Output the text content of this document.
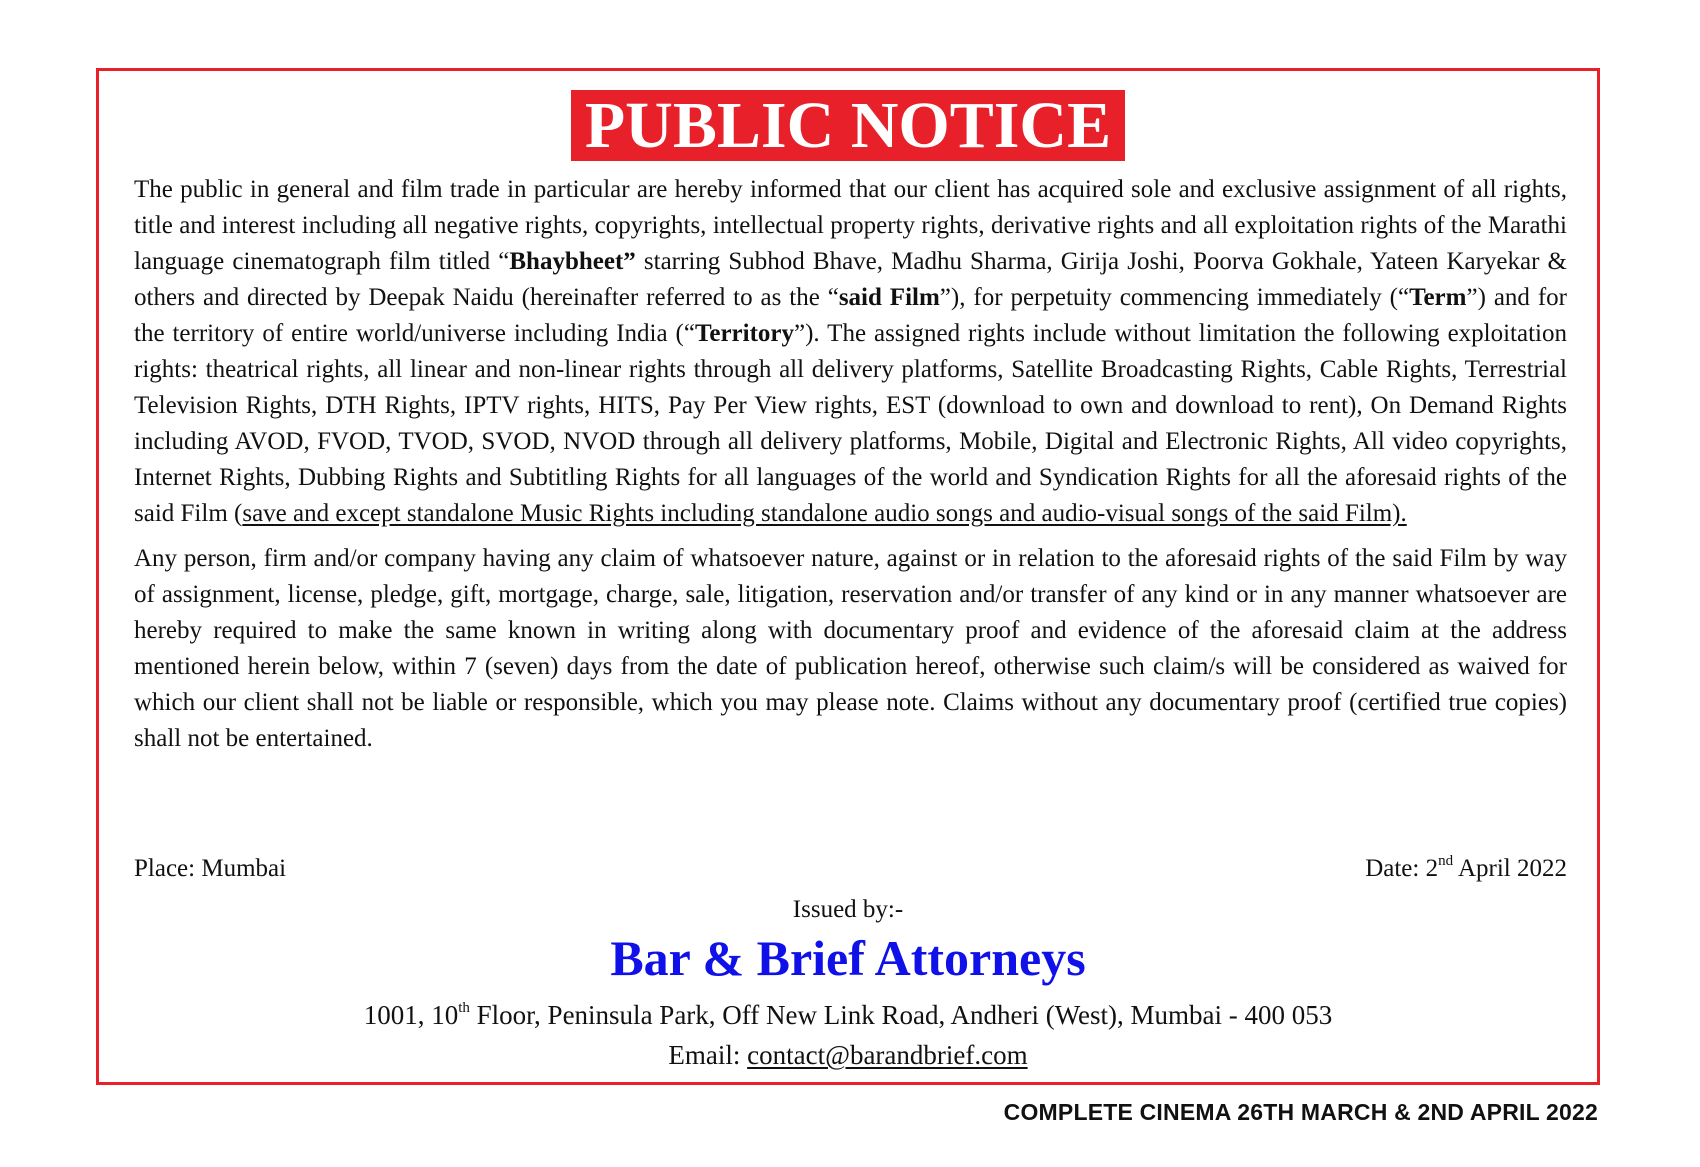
PUBLIC NOTICE

The public in general and film trade in particular are hereby informed that our client has acquired sole and exclusive assignment of all rights, title and interest including all negative rights, copyrights, intellectual property rights, derivative rights and all exploitation rights of the Marathi language cinematograph film titled “Bhaybheet” starring Subhod Bhave, Madhu Sharma, Girija Joshi, Poorva Gokhale, Yateen Karyekar & others and directed by Deepak Naidu (hereinafter referred to as the “said Film”), for perpetuity commencing immediately (“Term”) and for the territory of entire world/universe including India (“Territory”). The assigned rights include without limitation the following exploitation rights: theatrical rights, all linear and non-linear rights through all delivery platforms, Satellite Broadcasting Rights, Cable Rights, Terrestrial Television Rights, DTH Rights, IPTV rights, HITS, Pay Per View rights, EST (download to own and download to rent), On Demand Rights including AVOD, FVOD, TVOD, SVOD, NVOD through all delivery platforms, Mobile, Digital and Electronic Rights, All video copyrights, Internet Rights, Dubbing Rights and Subtitling Rights for all languages of the world and Syndication Rights for all the aforesaid rights of the said Film (save and except standalone Music Rights including standalone audio songs and audio-visual songs of the said Film).

Any person, firm and/or company having any claim of whatsoever nature, against or in relation to the aforesaid rights of the said Film by way of assignment, license, pledge, gift, mortgage, charge, sale, litigation, reservation and/or transfer of any kind or in any manner whatsoever are hereby required to make the same known in writing along with documentary proof and evidence of the aforesaid claim at the address mentioned herein below, within 7 (seven) days from the date of publication hereof, otherwise such claim/s will be considered as waived for which our client shall not be liable or responsible, which you may please note. Claims without any documentary proof (certified true copies) shall not be entertained.

Place: Mumbai	Date: 2nd April 2022
Issued by:-
Bar & Brief Attorneys
1001, 10th Floor, Peninsula Park, Off New Link Road, Andheri (West), Mumbai - 400 053
Email: contact@barandbrief.com
COMPLETE CINEMA 26TH MARCH & 2ND APRIL 2022
